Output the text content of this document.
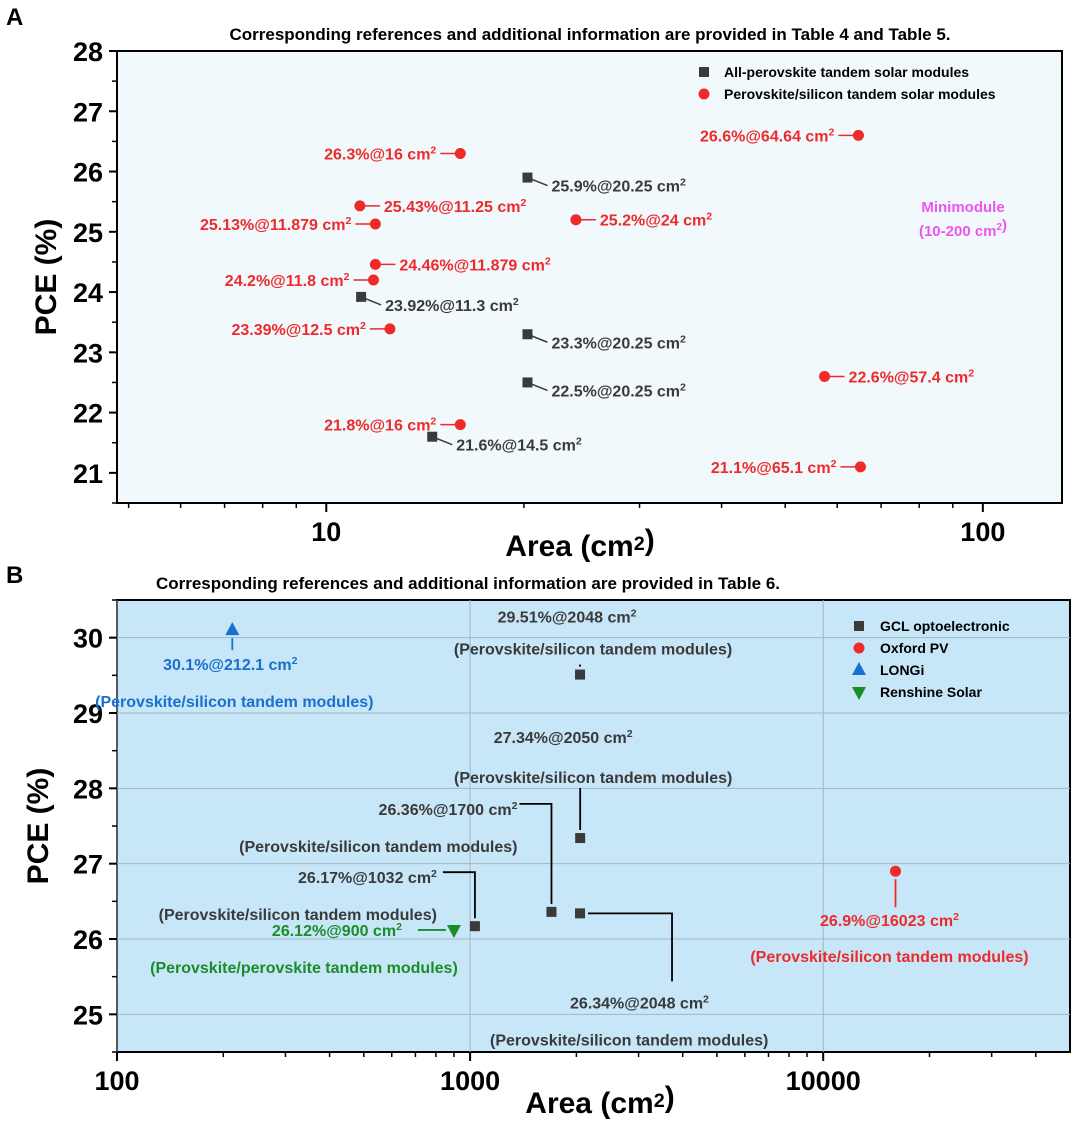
21
22
23
24
25
26
27
28
10	100
Area $(cm^2)$
25.9%@20.25 $cm^2$
23.92%@11.3 $cm^2$
23.3%@20.25 $cm^2$
22.5%@20.25 $cm^2$
21.6%@14.5 $cm^2$
26.6%@64.64 $cm^2$
26.3%@16 $cm^2$
25.43%@11.25 $cm^2$
25.13%@11.879 $cm^2$	25.2%@24 $cm^2$
24.46%@11.879 $cm^2$
24.2%@11.8 $cm^2$
23.39%@12.5 $cm^2$
22.6%@57.4 $cm^2$
21.8%@16 $cm^2$
21.1%@65.1 $cm^2$
A
Corresponding references and additional information are provided in Table 4 and Table 5.
PCE (%)
All-perovskite tandem solar modules
Perovskite/silicon tandem solar modules
Minimodule
(10-200 $cm^2$)
25
26
27
28
29
30
100	1000	10000
Area $(cm^2)$
29.51%@2048 $cm^2$
(Perovskite/silicon tandem modules)
27.34%@2050 $cm^2$
(Perovskite/silicon tandem modules)
26.36%@1700 $cm^2$
(Perovskite/silicon tandem modules)
26.17%@1032 $cm^2$
(Perovskite/silicon tandem modules)
26.34%@2048 $cm^2$
(Perovskite/silicon tandem modules)
26.9%@16023 $cm^2$
(Perovskite/silicon tandem modules)
30.1%@212.1 $cm^2$
(Perovskite/silicon tandem modules)
26.12%@900 $cm^2$
(Perovskite/perovskite tandem modules)
B	Corresponding references and additional information are provided in Table 6.
PCE (%)
GCL optoelectronic
Oxford PV
LONGi
Renshine Solar
